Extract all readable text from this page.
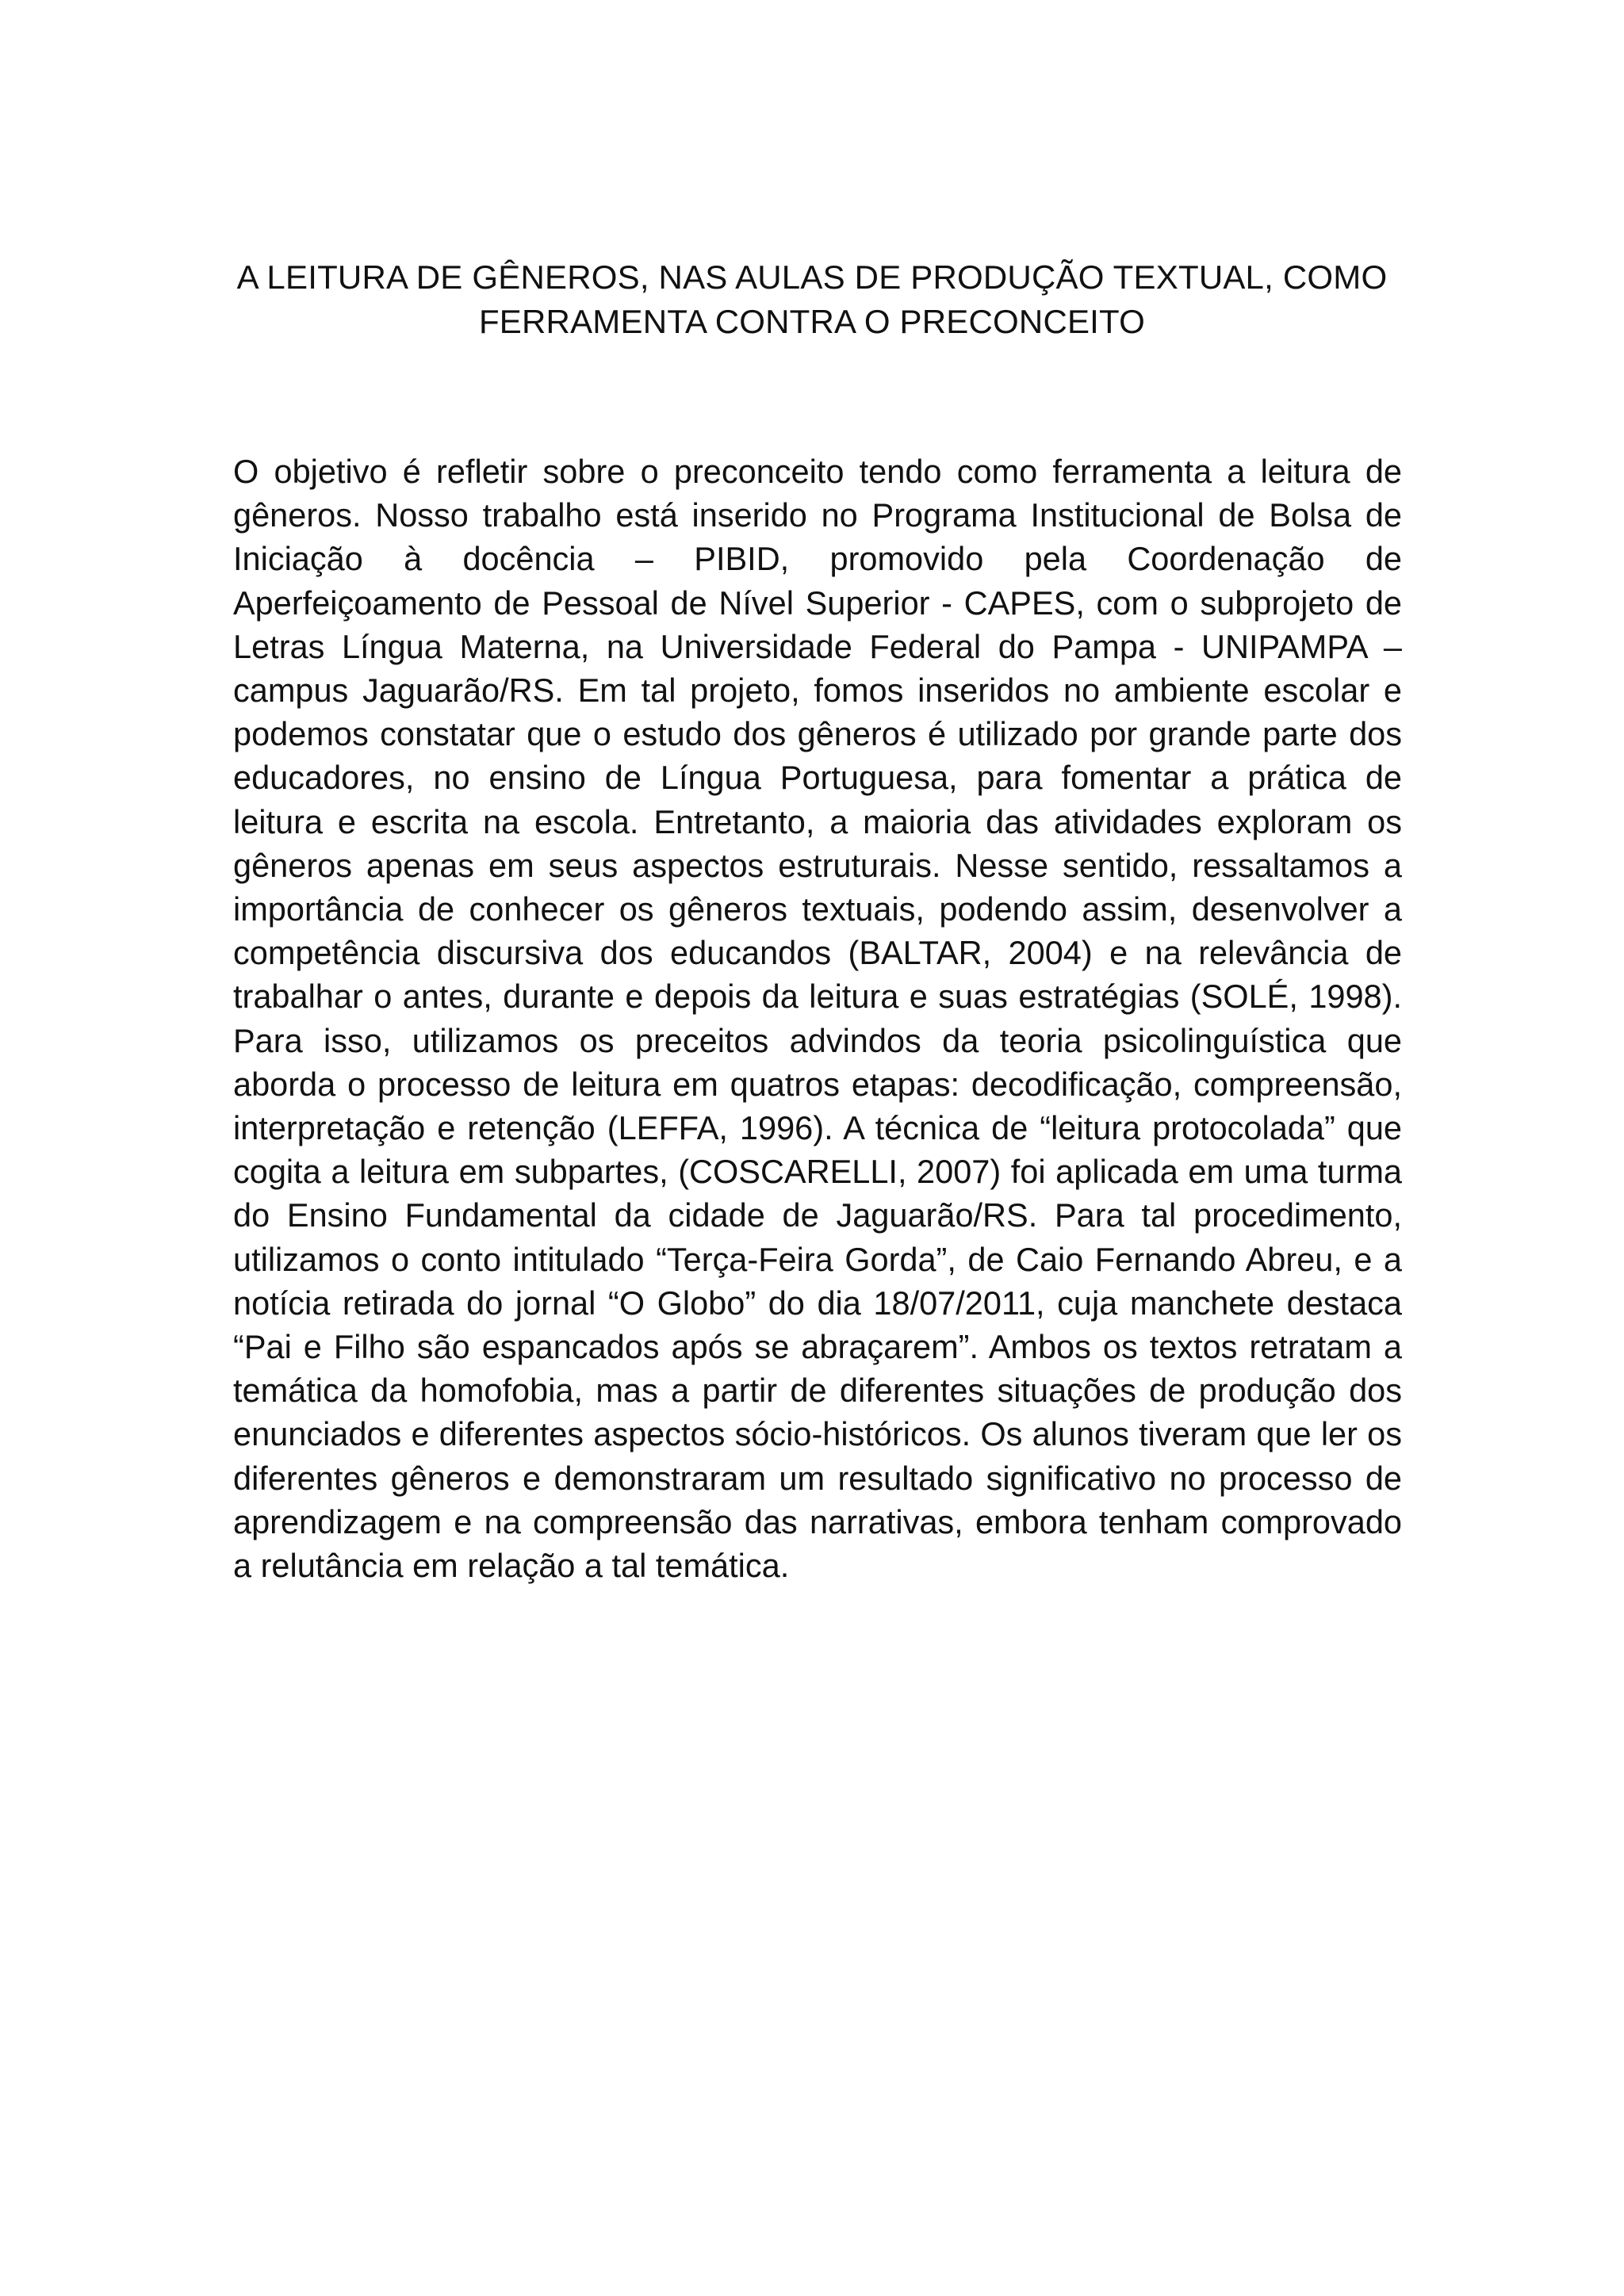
A LEITURA DE GÊNEROS, NAS AULAS DE PRODUÇÃO TEXTUAL, COMO
FERRAMENTA CONTRA O PRECONCEITO

O objetivo é refletir sobre o preconceito tendo como ferramenta a leitura de gêneros. Nosso trabalho está inserido no Programa Institucional de Bolsa de Iniciação à docência – PIBID, promovido pela Coordenação de Aperfeiçoamento de Pessoal de Nível Superior - CAPES, com o subprojeto de Letras Língua Materna, na Universidade Federal do Pampa - UNIPAMPA – campus Jaguarão/RS. Em tal projeto, fomos inseridos no ambiente escolar e podemos constatar que o estudo dos gêneros é utilizado por grande parte dos educadores, no ensino de Língua Portuguesa, para fomentar a prática de leitura e escrita na escola. Entretanto, a maioria das atividades exploram os gêneros apenas em seus aspectos estruturais. Nesse sentido, ressaltamos a importância de conhecer os gêneros textuais, podendo assim, desenvolver a competência discursiva dos educandos (BALTAR, 2004) e na relevância de trabalhar o antes, durante e depois da leitura e suas estratégias (SOLÉ, 1998). Para isso, utilizamos os preceitos advindos da teoria psicolinguística que aborda o processo de leitura em quatros etapas: decodificação, compreensão, interpretação e retenção (LEFFA, 1996). A técnica de “leitura protocolada” que cogita a leitura em subpartes, (COSCARELLI, 2007) foi aplicada em uma turma do Ensino Fundamental da cidade de Jaguarão/RS. Para tal procedimento, utilizamos o conto intitulado “Terça-Feira Gorda”, de Caio Fernando Abreu, e a notícia retirada do jornal “O Globo” do dia 18/07/2011, cuja manchete destaca “Pai e Filho são espancados após se abraçarem”. Ambos os textos retratam a temática da homofobia, mas a partir de diferentes situações de produção dos enunciados e diferentes aspectos sócio-históricos. Os alunos tiveram que ler os diferentes gêneros e demonstraram um resultado significativo no processo de aprendizagem e na compreensão das narrativas, embora tenham comprovado a relutância em relação a tal temática.
